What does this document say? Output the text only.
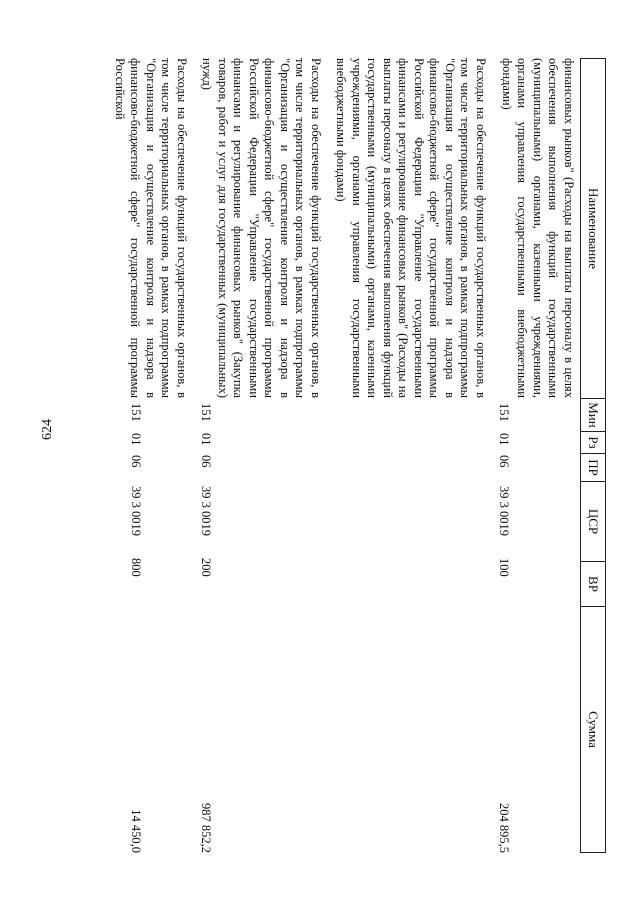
624
Наименование
Мин
Рз
ПР
ЦСР
ВР
Сумма
финансовых рынков" (Расходы на выплаты персоналу в целях обеспечения выполнения функций государственными (муниципальными) органами, казенными учреждениями, органами управления государственными внебюджетными фондами)
151
01
06
39 3 0019
100
204 895,5
Расходы на обеспечение функций государственных органов, в том числе территориальных органов, в рамках подпрограммы "Организация и осуществление контроля и надзора в финансово-бюджетной сфере" государственной программы Российской Федерации "Управление государственными финансами и регулирование финансовых рынков" (Расходы на выплаты персоналу в целях обеспечения выполнения функций государственными (муниципальными) органами, казенными учреждениями, органами управления государственными внебюджетными фондами)
Расходы на обеспечение функций государственных органов, в том числе территориальных органов, в рамках подпрограммы "Организация и осуществление контроля и надзора в финансово-бюджетной сфере" государственной программы Российской Федерации "Управление государственными финансами и регулирование финансовых рынков" (Закупка товаров, работ и услуг для государственных (муниципальных) нужд)
151
01
06
39 3 0019
200
987 852,2
Расходы на обеспечение функций государственных органов, в том числе территориальных органов, в рамках подпрограммы "Организация и осуществление контроля и надзора в финансово-бюджетной сфере" государственной программы Российской
151
01
06
39 3 0019
800
14 450,0
